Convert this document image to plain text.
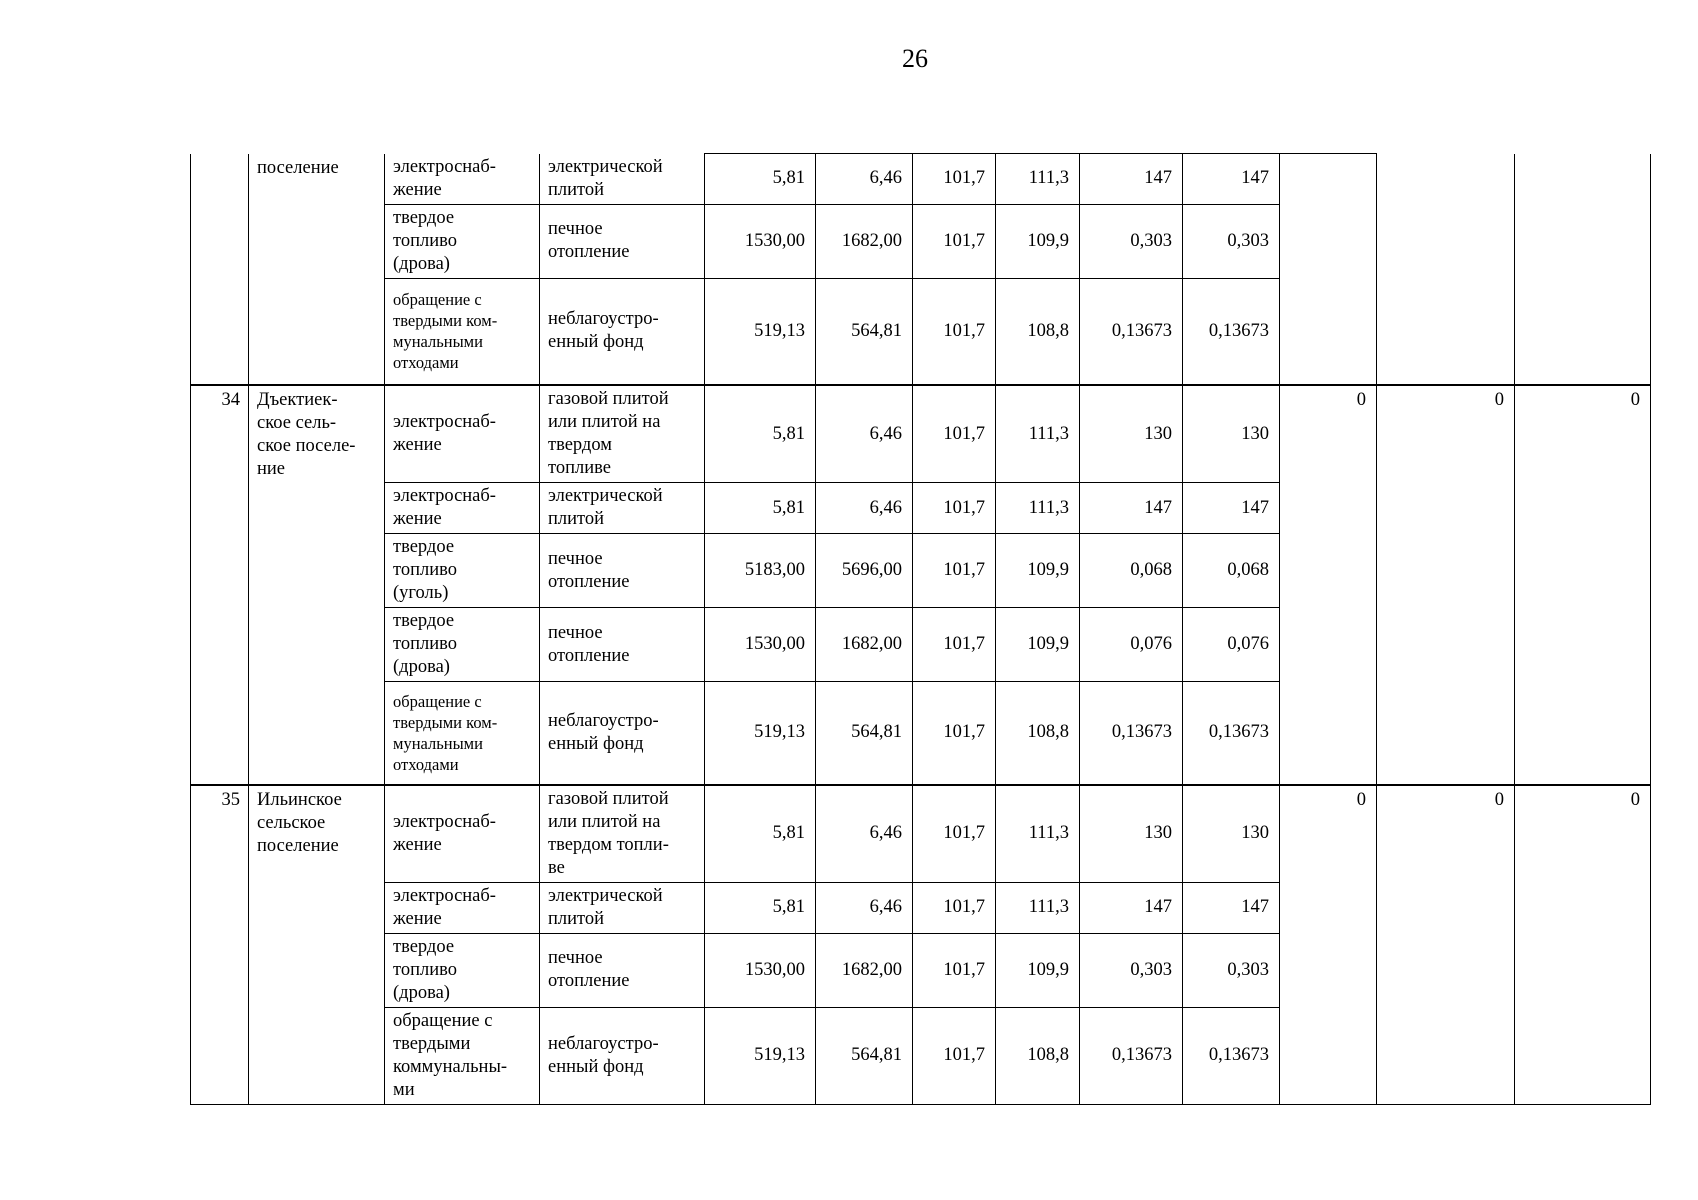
26
	поселение	электроснаб-
жение	электрической
плитой	5,81	6,46	101,7	111,3	147	147			
		твердое
топливо
(дрова)	печное
отопление	1530,00	1682,00	101,7	109,9	0,303	0,303			
		обращение с
твердыми ком-
мунальными
отходами	неблагоустро-
енный фонд	519,13	564,81	101,7	108,8	0,13673	0,13673			
34	Дъектиек-
ское сель-
ское поселе-
ние	электроснаб-
жение	газовой плитой
или плитой на
твердом
топливе	5,81	6,46	101,7	111,3	130	130	0	0	0
		электроснаб-
жение	электрической
плитой	5,81	6,46	101,7	111,3	147	147			
		твердое
топливо
(уголь)	печное
отопление	5183,00	5696,00	101,7	109,9	0,068	0,068			
		твердое
топливо
(дрова)	печное
отопление	1530,00	1682,00	101,7	109,9	0,076	0,076			
		обращение с
твердыми ком-
мунальными
отходами	неблагоустро-
енный фонд	519,13	564,81	101,7	108,8	0,13673	0,13673			
35	Ильинское
сельское
поселение	электроснаб-
жение	газовой плитой
или плитой на
твердом топли-
ве	5,81	6,46	101,7	111,3	130	130	0	0	0
		электроснаб-
жение	электрической
плитой	5,81	6,46	101,7	111,3	147	147			
		твердое
топливо
(дрова)	печное
отопление	1530,00	1682,00	101,7	109,9	0,303	0,303			
		обращение с
твердыми
коммунальны-
ми	неблагоустро-
енный фонд	519,13	564,81	101,7	108,8	0,13673	0,13673			
